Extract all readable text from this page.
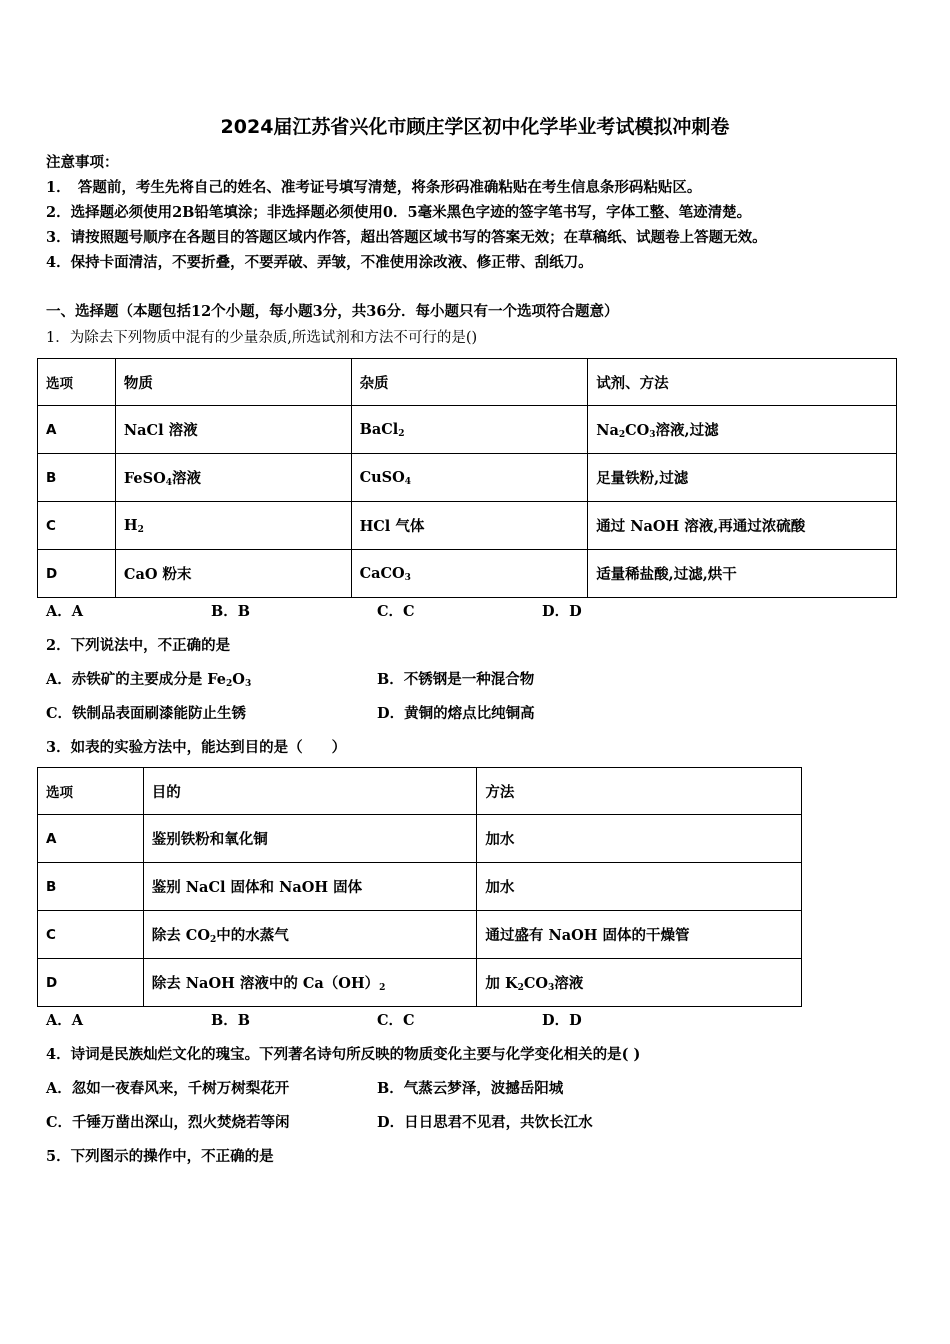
2024届江苏省兴化市顾庄学区初中化学毕业考试模拟冲刺卷
注意事项：
1．　答题前，考生先将自己的姓名、准考证号填写清楚，将条形码准确粘贴在考生信息条形码粘贴区。
2．选择题必须使用2B铅笔填涂；非选择题必须使用0．5毫米黑色字迹的签字笔书写，字体工整、笔迹清楚。
3．请按照题号顺序在各题目的答题区域内作答，超出答题区域书写的答案无效；在草稿纸、试题卷上答题无效。
4．保持卡面清洁，不要折叠，不要弄破、弄皱，不准使用涂改液、修正带、刮纸刀。
一、选择题（本题包括12个小题，每小题3分，共36分．每小题只有一个选项符合题意）
1．为除去下列物质中混有的少量杂质,所选试剂和方法不可行的是()
选项	物质	杂质	试剂、方法
A	NaCl 溶液	BaCl$_2$	$Na_2CO_3$溶液,过滤
B	FeSO$_4$溶液	CuSO$_4$	足量铁粉,过滤
C	$H_2$	HCl 气体	通过 NaOH 溶液,再通过浓硫酸
D	CaO 粉末	CaCO$_3$	适量稀盐酸,过滤,烘干
A．A	B．B	C．C	D．D
2．下列说法中，不正确的是
A．赤铁矿的主要成分是 $Fe_2O_3$	B．不锈钢是一种混合物
C．铁制品表面刷漆能防止生锈	D．黄铜的熔点比纯铜高
3．如表的实验方法中，能达到目的是（　　）
选项	目的	方法
A	鉴别铁粉和氧化铜	加水
B	鉴别 NaCl 固体和 NaOH 固体	加水
C	除去 $CO_2$中的水蒸气	通过盛有 NaOH 固体的干燥管
D	除去 NaOH 溶液中的 $Ca(OH)_2$	加 $K_2CO_3$溶液
A．A	B．B	C．C	D．D
4．诗词是民族灿烂文化的瑰宝。下列著名诗句所反映的物质变化主要与化学变化相关的是( )
A．忽如一夜春风来，千树万树梨花开	B．气蒸云梦泽，波撼岳阳城
C．千锤万凿出深山，烈火焚烧若等闲	D．日日思君不见君，共饮长江水
5．下列图示的操作中，不正确的是
